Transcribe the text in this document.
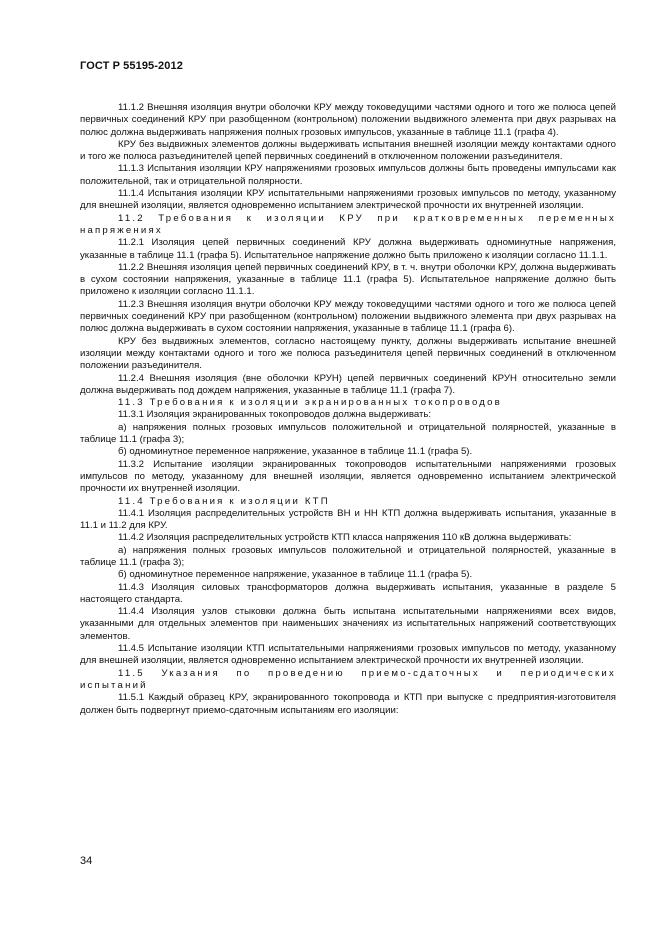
ГОСТ Р 55195-2012

11.1.2 Внешняя изоляция внутри оболочки КРУ между токоведущими частями одного и того же полюса цепей первичных соединений КРУ при разобщенном (контрольном) положении выдвижного элемента при двух разрывах на полюс должна выдерживать напряжения полных грозовых импульсов, указанные в таблице 11.1 (графа 4).

КРУ без выдвижных элементов должны выдерживать испытания внешней изоляции между контактами одного и того же полюса разъединителей цепей первичных соединений в отключенном положении разъединителя.

11.1.3 Испытания изоляции КРУ напряжениями грозовых импульсов должны быть проведены импульсами как положительной, так и отрицательной полярности.

11.1.4 Испытания изоляции КРУ испытательными напряжениями грозовых импульсов по методу, указанному для внешней изоляции, является одновременно испытанием электрической прочности их внутренней изоляции.

11.2 Требования к изоляции КРУ при кратковременных переменных напряжениях

11.2.1 Изоляция цепей первичных соединений КРУ должна выдерживать одноминутные напряжения, указанные в таблице 11.1 (графа 5). Испытательное напряжение должно быть приложено к изоляции согласно 11.1.1.

11.2.2 Внешняя изоляция цепей первичных соединений КРУ, в т. ч. внутри оболочки КРУ, должна выдерживать в сухом состоянии напряжения, указанные в таблице 11.1 (графа 5). Испытательное напряжение должно быть приложено к изоляции согласно 11.1.1.

11.2.3 Внешняя изоляция внутри оболочки КРУ между токоведущими частями одного и того же полюса цепей первичных соединений КРУ при разобщенном (контрольном) положении выдвижного элемента при двух разрывах на полюс должна выдерживать в сухом состоянии напряжения, указанные в таблице 11.1 (графа 6).

КРУ без выдвижных элементов, согласно настоящему пункту, должны выдерживать испытание внешней изоляции между контактами одного и того же полюса разъединителя цепей первичных соединений в отключенном положении разъединителя.

11.2.4 Внешняя изоляция (вне оболочки КРУН) цепей первичных соединений КРУН относительно земли должна выдерживать под дождем напряжения, указанные в таблице 11.1 (графа 7).

11.3 Требования к изоляции экранированных токопроводов

11.3.1 Изоляция экранированных токопроводов должна выдерживать:

а) напряжения полных грозовых импульсов положительной и отрицательной полярностей, указанные в таблице 11.1 (графа 3);

б) одноминутное переменное напряжение, указанное в таблице 11.1 (графа 5).

11.3.2 Испытание изоляции экранированных токопроводов испытательными напряжениями грозовых импульсов по методу, указанному для внешней изоляции, является одновременно испытанием электрической прочности их внутренней изоляции.

11.4 Требования к изоляции КТП

11.4.1 Изоляция распределительных устройств ВН и НН КТП должна выдерживать испытания, указанные в 11.1 и 11.2 для КРУ.

11.4.2 Изоляция распределительных устройств КТП класса напряжения 110 кВ должна выдерживать:

а) напряжения полных грозовых импульсов положительной и отрицательной полярностей, указанные в таблице 11.1 (графа 3);

б) одноминутное переменное напряжение, указанное в таблице 11.1 (графа 5).

11.4.3 Изоляция силовых трансформаторов должна выдерживать испытания, указанные в разделе 5 настоящего стандарта.

11.4.4 Изоляция узлов стыковки должна быть испытана испытательными напряжениями всех видов, указанными для отдельных элементов при наименьших значениях из испытательных напряжений соответствующих элементов.

11.4.5 Испытание изоляции КТП испытательными напряжениями грозовых импульсов по методу, указанному для внешней изоляции, является одновременно испытанием электрической прочности их внутренней изоляции.

11.5 Указания по проведению приемо-сдаточных и периодических испытаний

11.5.1 Каждый образец КРУ, экранированного токопровода и КТП при выпуске с предприятия-изготовителя должен быть подвергнут приемо-сдаточным испытаниям его изоляции:

34
